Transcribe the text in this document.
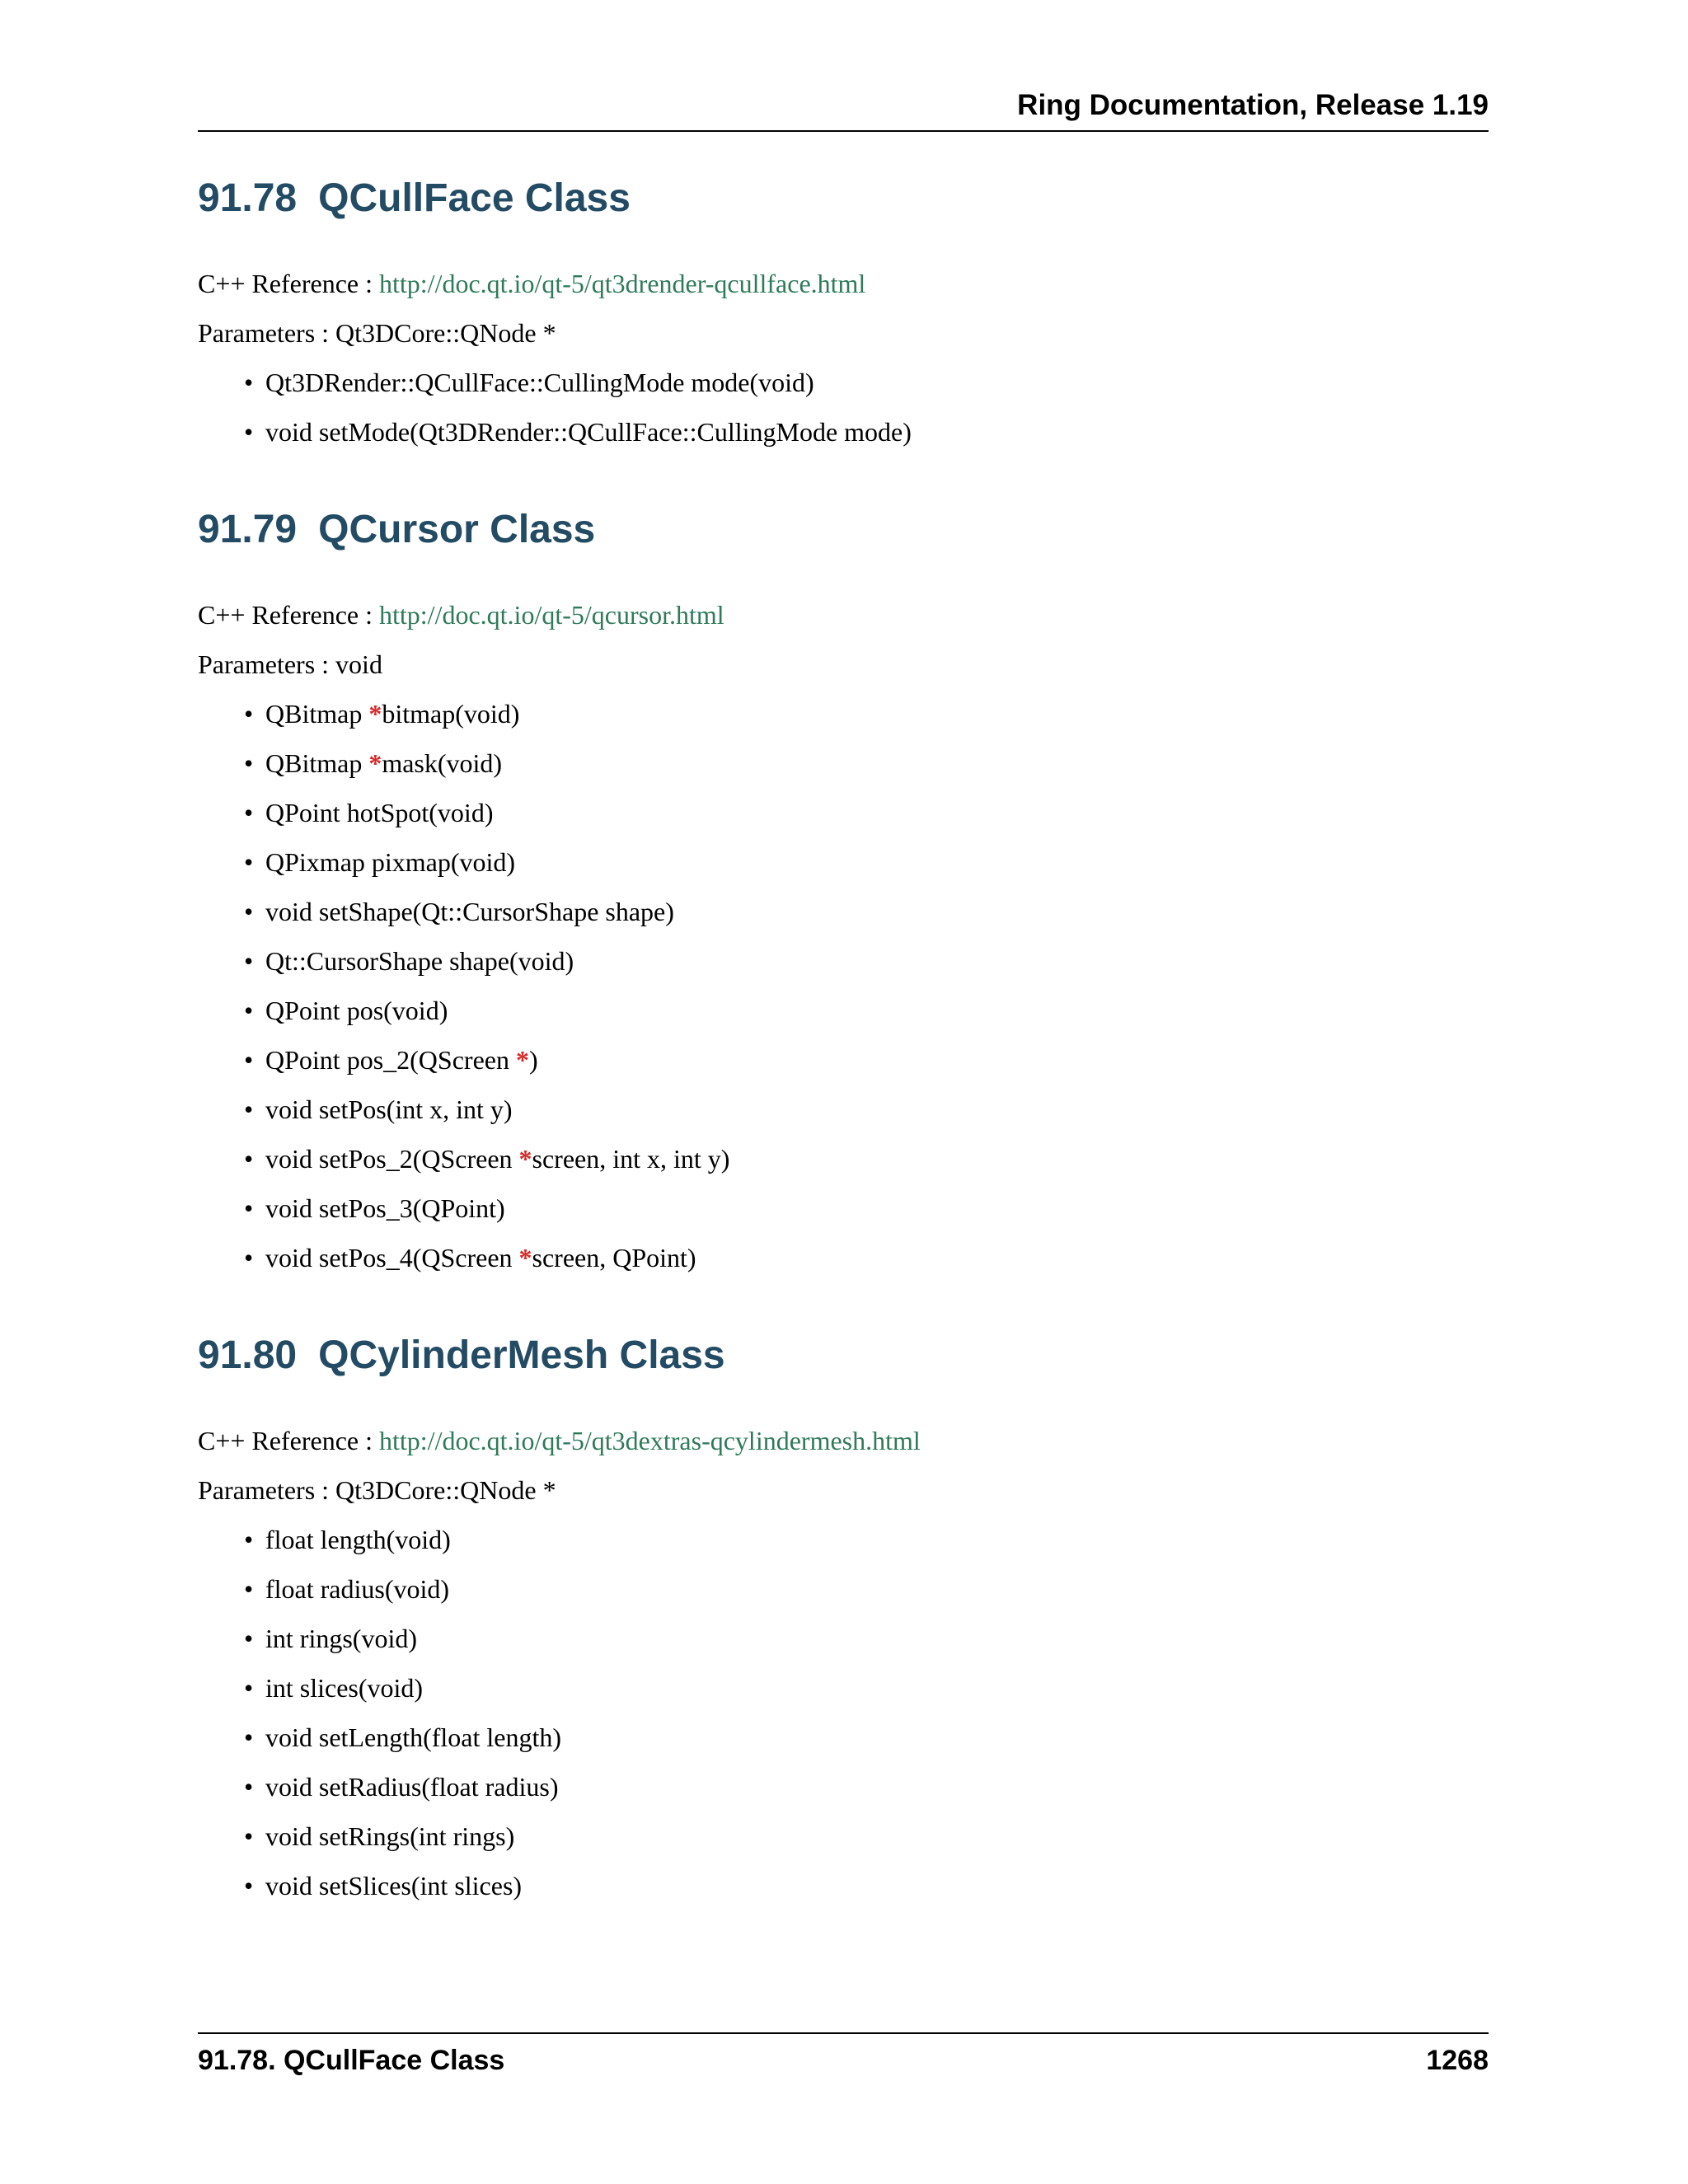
Ring Documentation, Release 1.19
91.78 QCullFace Class

C++ Reference : http://doc.qt.io/qt-5/qt3drender-qcullface.html

Parameters : Qt3DCore::QNode *

• Qt3DRender::QCullFace::CullingMode mode(void)
• void setMode(Qt3DRender::QCullFace::CullingMode mode)
91.79 QCursor Class

C++ Reference : http://doc.qt.io/qt-5/qcursor.html

Parameters : void

• QBitmap *bitmap(void)
• QBitmap *mask(void)
• QPoint hotSpot(void)
• QPixmap pixmap(void)
• void setShape(Qt::CursorShape shape)
• Qt::CursorShape shape(void)
• QPoint pos(void)
• QPoint pos_2(QScreen *)
• void setPos(int x, int y)
• void setPos_2(QScreen *screen, int x, int y)
• void setPos_3(QPoint)
• void setPos_4(QScreen *screen, QPoint)
91.80 QCylinderMesh Class

C++ Reference : http://doc.qt.io/qt-5/qt3dextras-qcylindermesh.html

Parameters : Qt3DCore::QNode *

• float length(void)
• float radius(void)
• int rings(void)
• int slices(void)
• void setLength(float length)
• void setRadius(float radius)
• void setRings(int rings)
• void setSlices(int slices)
91.78. QCullFace Class	1268
